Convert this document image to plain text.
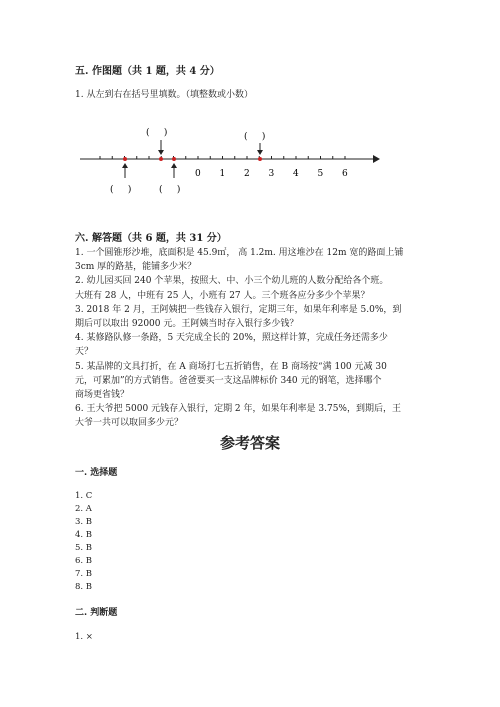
五. 作图题（共 1 题，共 4 分）
1. 从左到右在括号里填数。（填整数或小数）
0 1 2 3 4 5 6
(     )	(     )
(     )	(     )
六. 解答题（共 6 题，共 31 分）
1. 一个圆锥形沙堆，底面积是 45.9㎡， 高 1.2m. 用这堆沙在 12m 宽的路面上铺
3cm 厚的路基，能铺多少米？
2. 幼儿园买回 240 个苹果，按照大、中、小三个幼儿班的人数分配给各个班。
大班有 28 人，中班有 25 人，小班有 27 人。三个班各应分多少个苹果？
3. 2018 年 2 月，王阿姨把一些钱存入银行，定期三年，如果年利率是 5.0%，到
期后可以取出 92000 元。王阿姨当时存入银行多少钱？
4. 某修路队修一条路，5 天完成全长的 20%，照这样计算，完成任务还需多少
天？
5. 某品牌的文具打折，在 A 商场打七五折销售，在 B 商场按“满 100 元减 30
元，可累加”的方式销售。爸爸要买一支这品牌标价 340 元的钢笔，选择哪个
商场更省钱？
6. 王大爷把 5000 元钱存入银行，定期 2 年，如果年利率是 3.75%，到期后，王
大爷一共可以取回多少元？
参考答案
一. 选择题
1. C
2. A
3. B
4. B
5. B
6. B
7. B
8. B
二. 判断题
1. ×
